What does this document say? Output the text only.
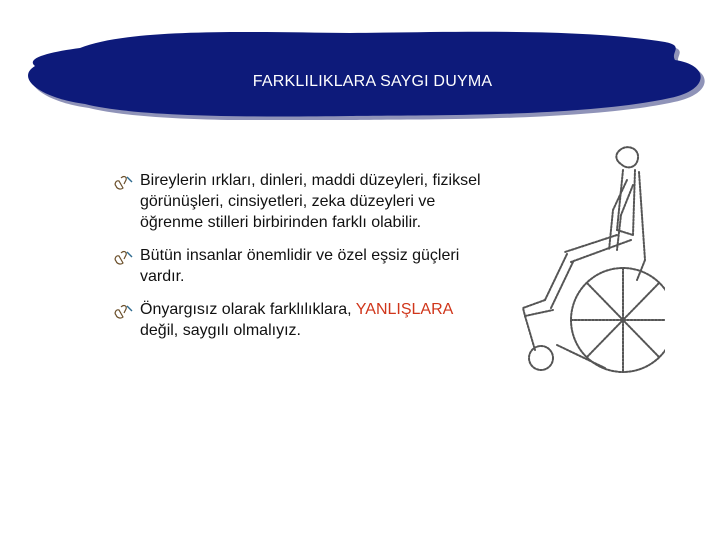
FARKLILIKLARA SAYGI DUYMA
Bireylerin ırkları, dinleri, maddi düzeyleri, fiziksel görünüşleri, cinsiyetleri, zeka düzeyleri ve öğrenme stilleri birbirinden farklı olabilir.
Bütün insanlar önemlidir ve özel eşsiz güçleri vardır.
Önyargısız olarak farklılıklara, YANLIŞLARA değil, saygılı olmalıyız.
